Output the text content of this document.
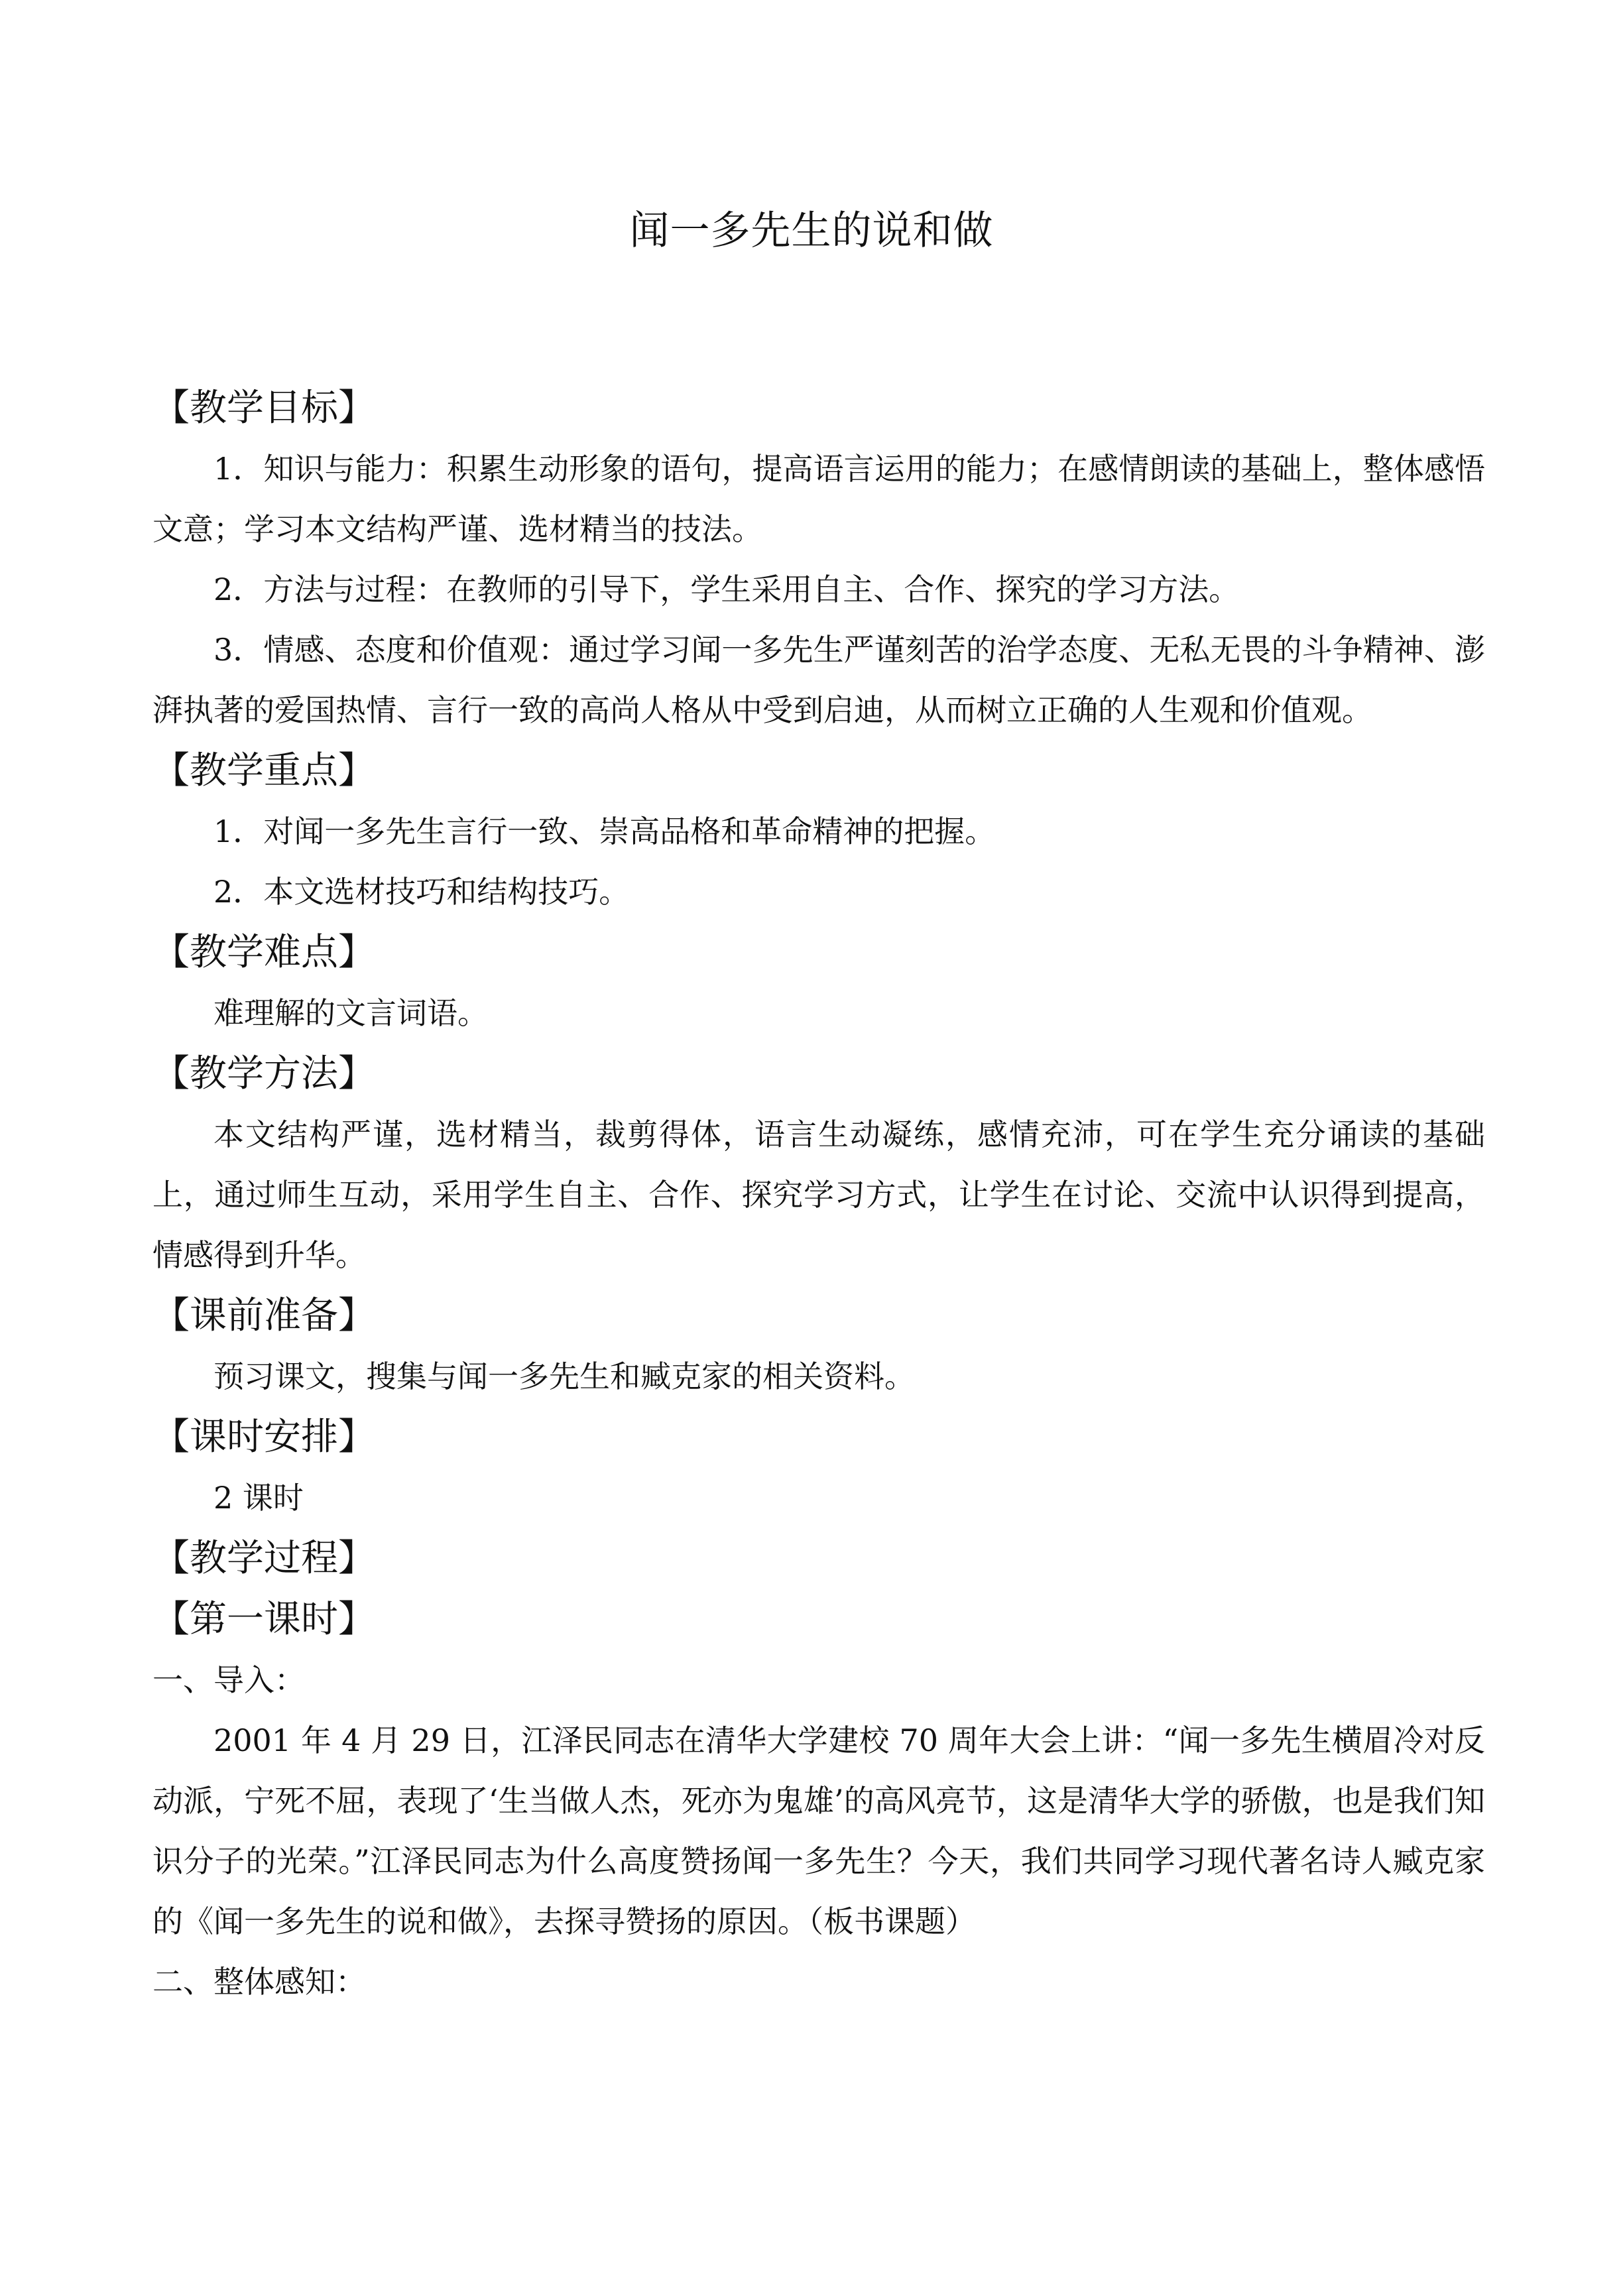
闻一多先生的说和做
【教学目标】

1．知识与能力：积累生动形象的语句，提高语言运用的能力；在感情朗读的基础上，整体感悟文意；学习本文结构严谨、选材精当的技法。

2．方法与过程：在教师的引导下，学生采用自主、合作、探究的学习方法。

3．情感、态度和价值观：通过学习闻一多先生严谨刻苦的治学态度、无私无畏的斗争精神、澎湃执著的爱国热情、言行一致的高尚人格从中受到启迪，从而树立正确的人生观和价值观。

【教学重点】

1．对闻一多先生言行一致、崇高品格和革命精神的把握。

2．本文选材技巧和结构技巧。

【教学难点】

难理解的文言词语。

【教学方法】

本文结构严谨，选材精当，裁剪得体，语言生动凝练，感情充沛，可在学生充分诵读的基础上，通过师生互动，采用学生自主、合作、探究学习方式，让学生在讨论、交流中认识得到提高，情感得到升华。

【课前准备】

预习课文，搜集与闻一多先生和臧克家的相关资料。

【课时安排】

2 课时

【教学过程】
【第一课时】
一、导入：

2001 年 4 月 29 日，江泽民同志在清华大学建校 70 周年大会上讲：“闻一多先生横眉冷对反动派，宁死不屈，表现了‘生当做人杰，死亦为鬼雄’的高风亮节，这是清华大学的骄傲，也是我们知识分子的光荣。”江泽民同志为什么高度赞扬闻一多先生？今天，我们共同学习现代著名诗人臧克家的《闻一多先生的说和做》，去探寻赞扬的原因。（板书课题）

二、整体感知：
